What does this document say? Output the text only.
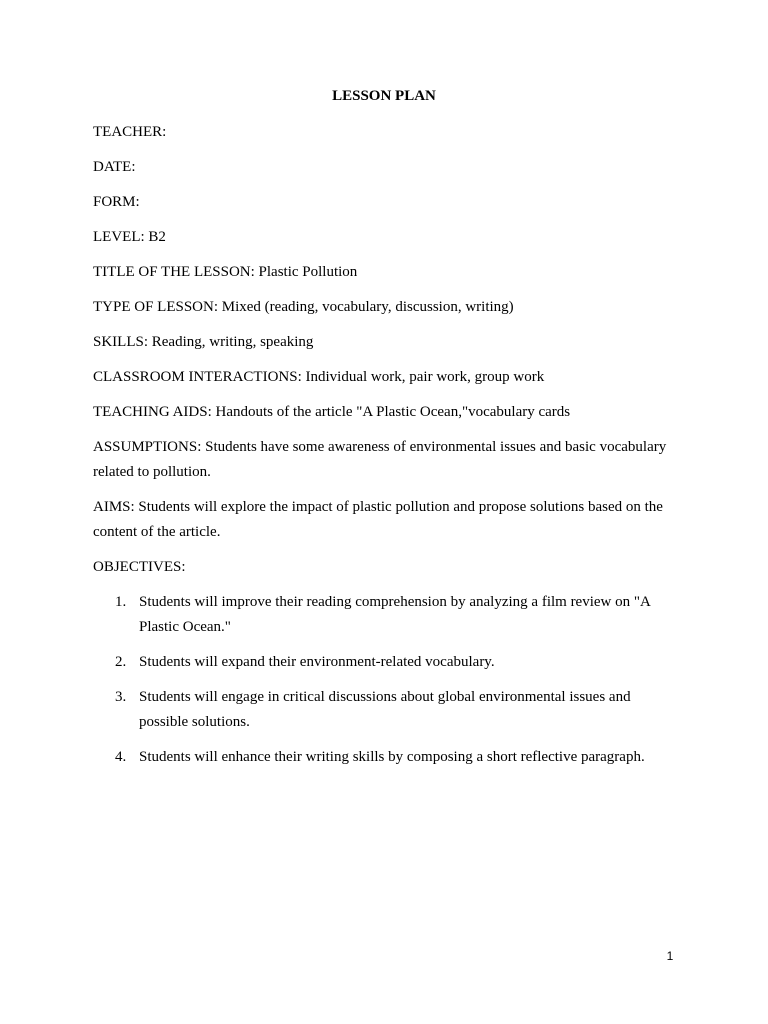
LESSON PLAN

TEACHER:

DATE:

FORM:

LEVEL: B2

TITLE OF THE LESSON: Plastic Pollution

TYPE OF LESSON: Mixed (reading, vocabulary, discussion, writing)

SKILLS: Reading, writing, speaking

CLASSROOM INTERACTIONS: Individual work, pair work, group work

TEACHING AIDS: Handouts of the article "A Plastic Ocean,"vocabulary cards

ASSUMPTIONS: Students have some awareness of environmental issues and basic vocabulary related to pollution.

AIMS: Students will explore the impact of plastic pollution and propose solutions based on the content of the article.

OBJECTIVES:

1. Students will improve their reading comprehension by analyzing a film review on "A Plastic Ocean."
2. Students will expand their environment-related vocabulary.
3. Students will engage in critical discussions about global environmental issues and possible solutions.
4. Students will enhance their writing skills by composing a short reflective paragraph.
1
